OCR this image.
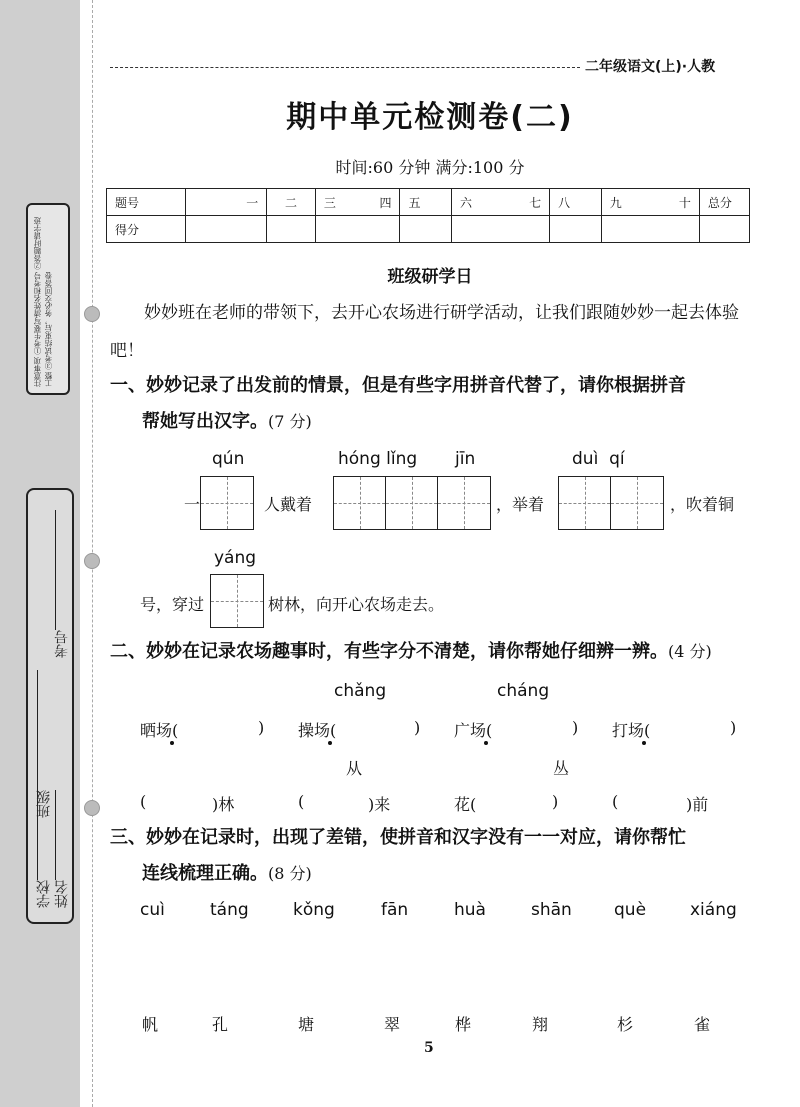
注意事项 ①考生要写清姓名和考号 ②答题时请字迹工整 ③考试结束后，务必交回答卷
班级
考号
学校 姓名
二年级语文(上)·人教
期中单元检测卷(二)
时间:60 分钟 满分:100 分
题号	一	二	三 四	五	六 七	八	九 十	总分
得分								
班级研学日
妙妙班在老师的带领下，去开心农场进行研学活动，让我们跟随妙妙一起去体验吧！
一、妙妙记录了出发前的情景，但是有些字用拼音代替了，请你根据拼音
帮她写出汉字。(7 分)
qún	hóng lǐng jīn	duì  qí
一	人戴着	，举着	，吹着铜
yáng
号，穿过	树林，向开心农场走去。
二、妙妙在记录农场趣事时，有些字分不清楚，请你帮她仔细辨一辨。(4 分)
chǎng	cháng
晒场(	) 操场(	) 广场(	) 打场(	)
从	丛
(	)林	(	)来	花(	)	(	)前
三、妙妙在记录时，出现了差错，使拼音和汉字没有一一对应，请你帮忙
连线梳理正确。(8 分)
cuì	táng	kǒng	fān	huà	shān què	xiáng
帆	孔	塘	翠	桦	翔	杉	雀
5
